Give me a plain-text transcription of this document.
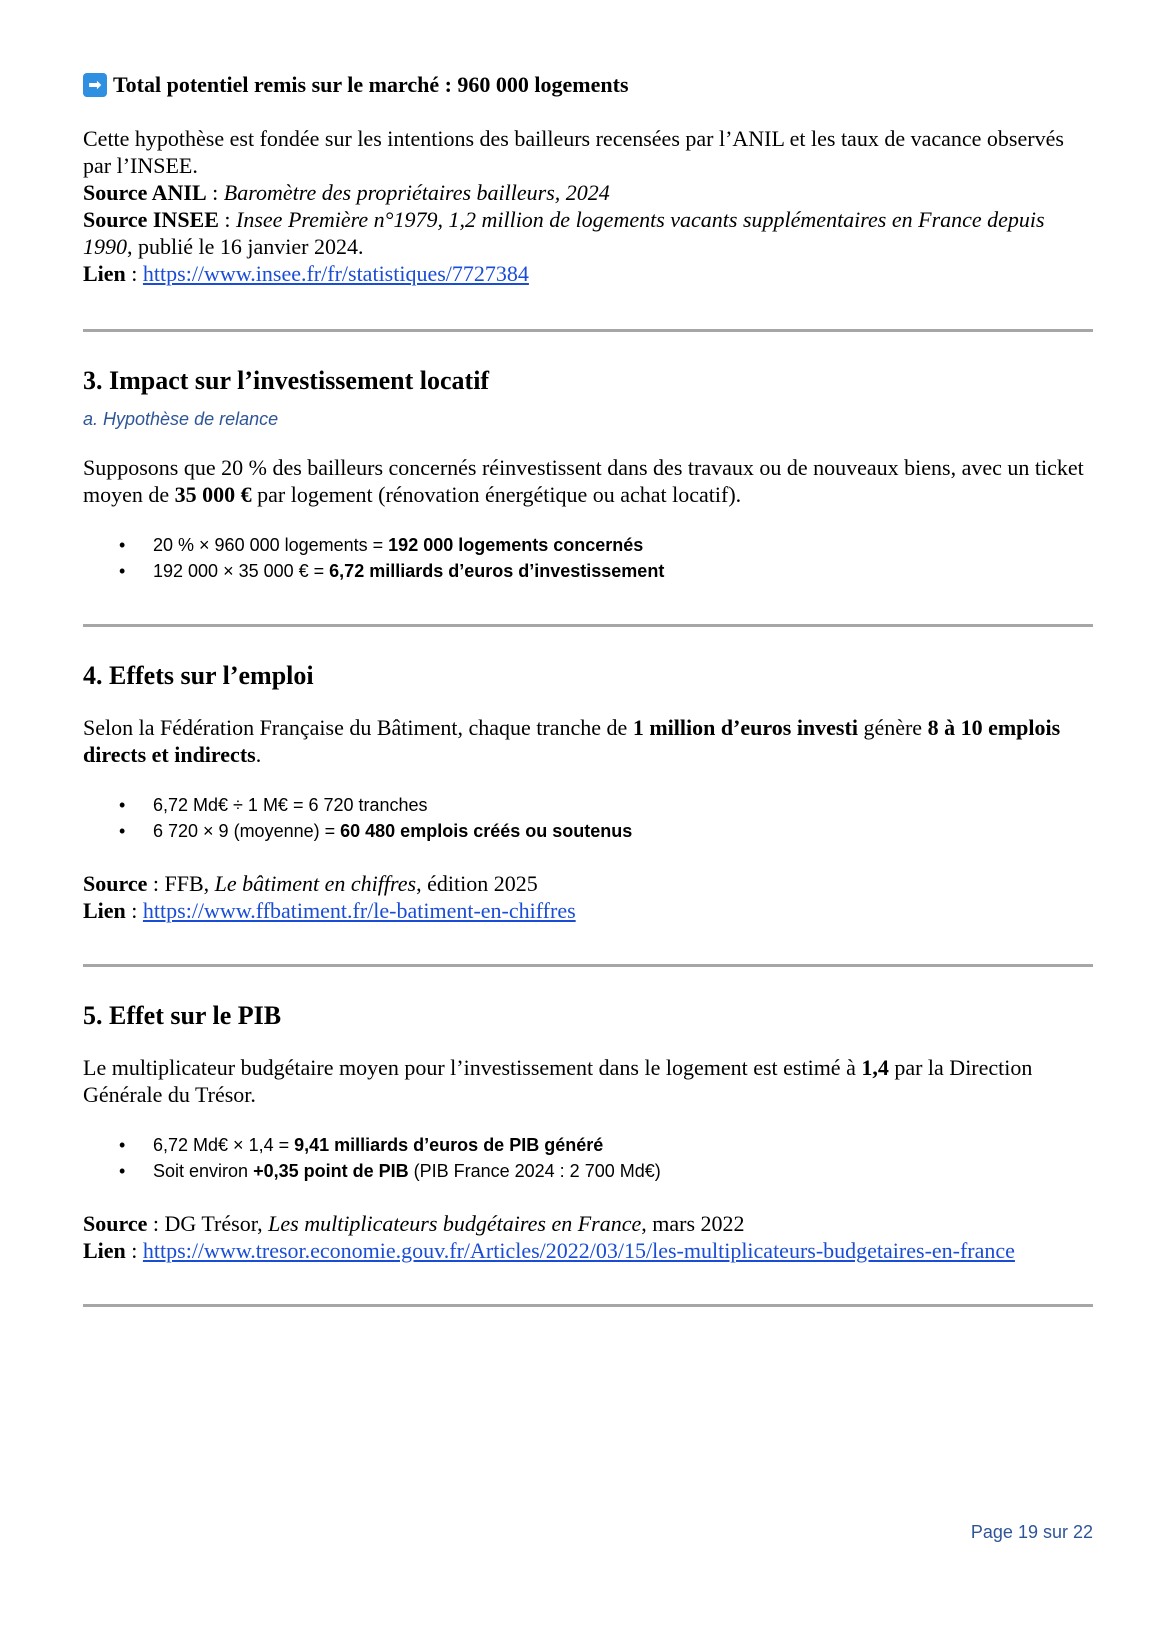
➡ Total potentiel remis sur le marché : 960 000 logements

Cette hypothèse est fondée sur les intentions des bailleurs recensées par l’ANIL et les taux de vacance observés par l’INSEE.

Source ANIL : Baromètre des propriétaires bailleurs, 2024

Source INSEE : Insee Première n°1979, 1,2 million de logements vacants supplémentaires en France depuis 1990, publié le 16 janvier 2024.

Lien : https://www.insee.fr/fr/statistiques/7727384

3. Impact sur l’investissement locatif
a. Hypothèse de relance

Supposons que 20 % des bailleurs concernés réinvestissent dans des travaux ou de nouveaux biens, avec un ticket moyen de 35 000 € par logement (rénovation énergétique ou achat locatif).

• 20 % × 960 000 logements = 192 000 logements concernés
• 192 000 × 35 000 € = 6,72 milliards d’euros d’investissement
4. Effets sur l’emploi

Selon la Fédération Française du Bâtiment, chaque tranche de 1 million d’euros investi génère 8 à 10 emplois directs et indirects.

• 6,72 Md€ ÷ 1 M€ = 6 720 tranches
• 6 720 × 9 (moyenne) = 60 480 emplois créés ou soutenus

Source : FFB, Le bâtiment en chiffres, édition 2025

Lien : https://www.ffbatiment.fr/le-batiment-en-chiffres

5. Effet sur le PIB

Le multiplicateur budgétaire moyen pour l’investissement dans le logement est estimé à 1,4 par la Direction Générale du Trésor.

• 6,72 Md€ × 1,4 = 9,41 milliards d’euros de PIB généré
• Soit environ +0,35 point de PIB (PIB France 2024 : 2 700 Md€)

Source : DG Trésor, Les multiplicateurs budgétaires en France, mars 2022

Lien : https://www.tresor.economie.gouv.fr/Articles/2022/03/15/les-multiplicateurs-budgetaires-en-france

Page 19 sur 22
